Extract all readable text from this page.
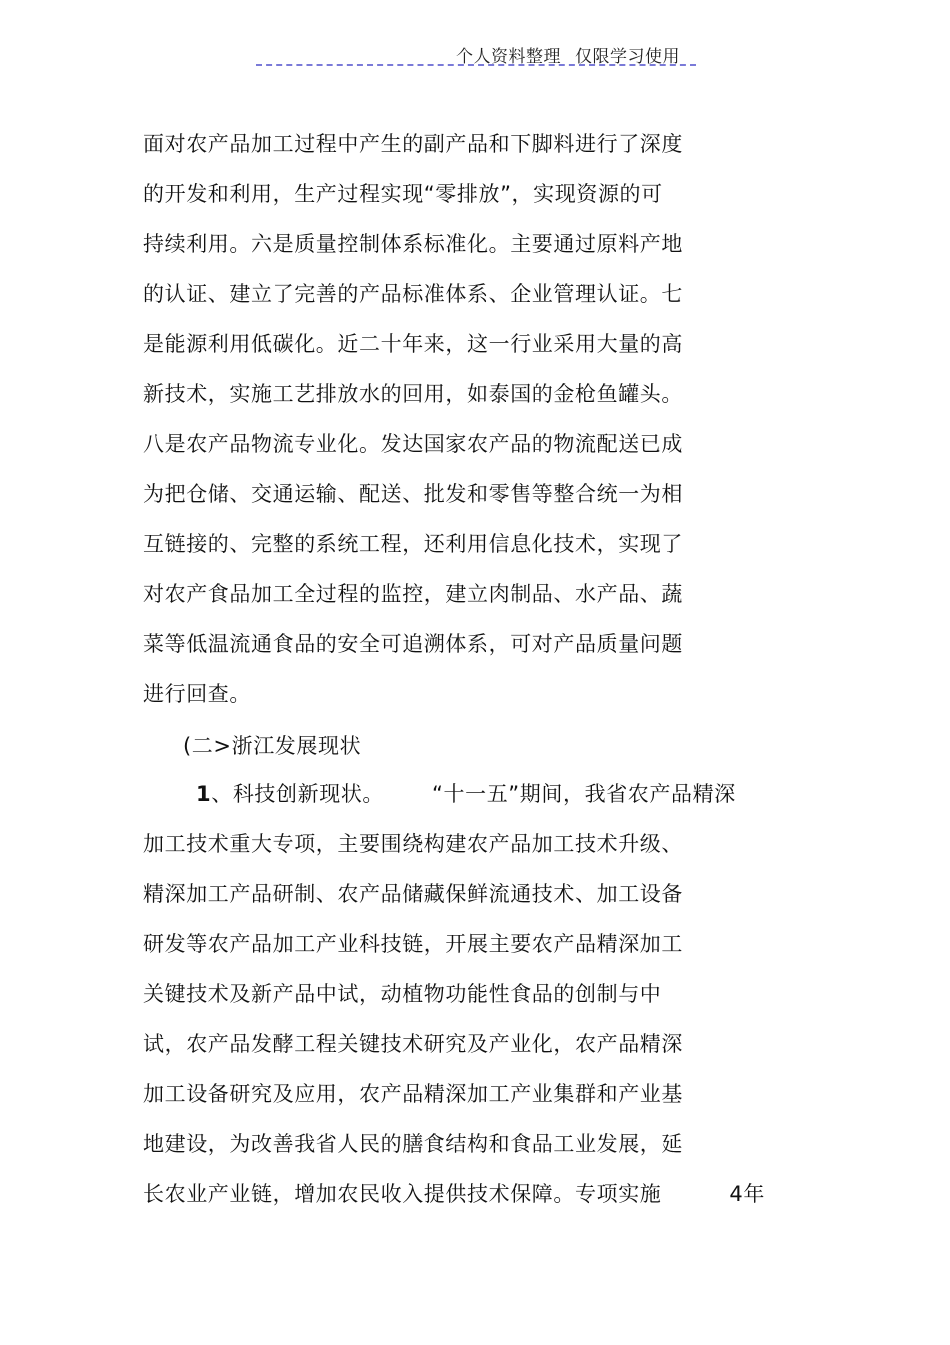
个人资料整理 仅限学习使用
面对农产品加工过程中产生的副产品和下脚料进行了深度
的开发和利用，生产过程实现“零排放”，实现资源的可
持续利用。六是质量控制体系标准化。主要通过原料产地
的认证、建立了完善的产品标准体系、企业管理认证。七
是能源利用低碳化。近二十年来，这一行业采用大量的高
新技术，实施工艺排放水的回用，如泰国的金枪鱼罐头。
八是农产品物流专业化。发达国家农产品的物流配送已成
为把仓储、交通运输、配送、批发和零售等整合统一为相
互链接的、完整的系统工程，还利用信息化技术，实现了
对农产食品加工全过程的监控，建立肉制品、水产品、蔬
菜等低温流通食品的安全可追溯体系，可对产品质量问题
进行回查。
(二>浙江发展现状
1、科技创新现状。 “十一五”期间，我省农产品精深
加工技术重大专项，主要围绕构建农产品加工技术升级、
精深加工产品研制、农产品储藏保鲜流通技术、加工设备
研发等农产品加工产业科技链，开展主要农产品精深加工
关键技术及新产品中试，动植物功能性食品的创制与中
试，农产品发酵工程关键技术研究及产业化，农产品精深
加工设备研究及应用，农产品精深加工产业集群和产业基
地建设，为改善我省人民的膳食结构和食品工业发展，延
长农业产业链，增加农民收入提供技术保障。专项实施	4年
